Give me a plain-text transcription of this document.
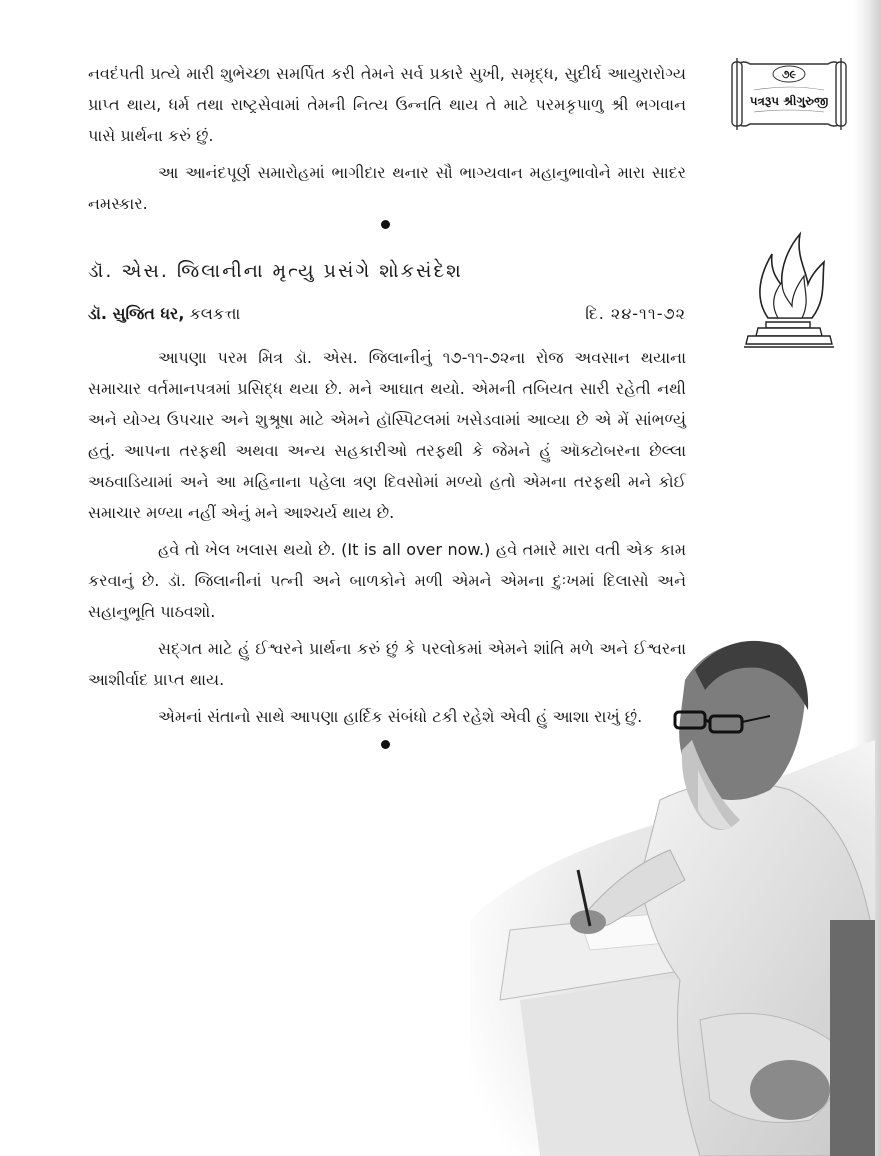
૭૯
પત્રરૂપ શ્રીગુરુજી

નવદંપતી પ્રત્યે મારી શુભેચ્છા સમર્પિત કરી તેમને સર્વ પ્રકારે સુખી, સમૃદ્ધ, સુદીર્ઘ આયુરારોગ્ય પ્રાપ્ત થાય, ધર્મ તથા રાષ્ટ્રસેવામાં તેમની નિત્ય ઉન્નતિ થાય તે માટે પરમકૃપાળુ શ્રી ભગવાન પાસે પ્રાર્થના કરું છું.

આ આનંદપૂર્ણ સમારોહમાં ભાગીદાર થનાર સૌ ભાગ્યવાન મહાનુભાવોને મારા સાદર નમસ્કાર.

ડૉ. એસ. જિલાનીના મૃત્યુ પ્રસંગે શોકસંદેશ
ડૉ. સુજિત ધર, કલકત્તા	દિ. ૨૪-૧૧-૭૨

આપણા પરમ મિત્ર ડૉ. એસ. જિલાનીનું ૧૭-૧૧-૭૨ના રોજ અવસાન થયાના સમાચાર વર્તમાનપત્રમાં પ્રસિદ્ધ થયા છે. મને આઘાત થયો. એમની તબિયત સારી રહેતી નથી અને યોગ્ય ઉપચાર અને શુશ્રૂષા માટે એમને હૉસ્પિટલમાં ખસેડવામાં આવ્યા છે એ મેં સાંભળ્યું હતું. આપના તરફથી અથવા અન્ય સહકારીઓ તરફથી કે જેમને હું ઑક્ટોબરના છેલ્લા અઠવાડિયામાં અને આ મહિનાના પહેલા ત્રણ દિવસોમાં મળ્યો હતો એમના તરફથી મને કોઈ સમાચાર મળ્યા નહીં એનું મને આશ્ચર્ય થાય છે.

હવે તો ખેલ ખલાસ થયો છે. (It is all over now.) હવે તમારે મારા વતી એક કામ કરવાનું છે. ડૉ. જિલાનીનાં પત્ની અને બાળકોને મળી એમને એમના દુઃખમાં દિલાસો અને સહાનુભૂતિ પાઠવશો.

સદ્ગત માટે હું ઈશ્વરને પ્રાર્થના કરું છું કે પરલોકમાં એમને શાંતિ મળે અને ઈશ્વરના આશીર્વાદ પ્રાપ્ત થાય.

એમનાં સંતાનો સાથે આપણા હાર્દિક સંબંધો ટકી રહેશે એવી હું આશા રાખું છું.
